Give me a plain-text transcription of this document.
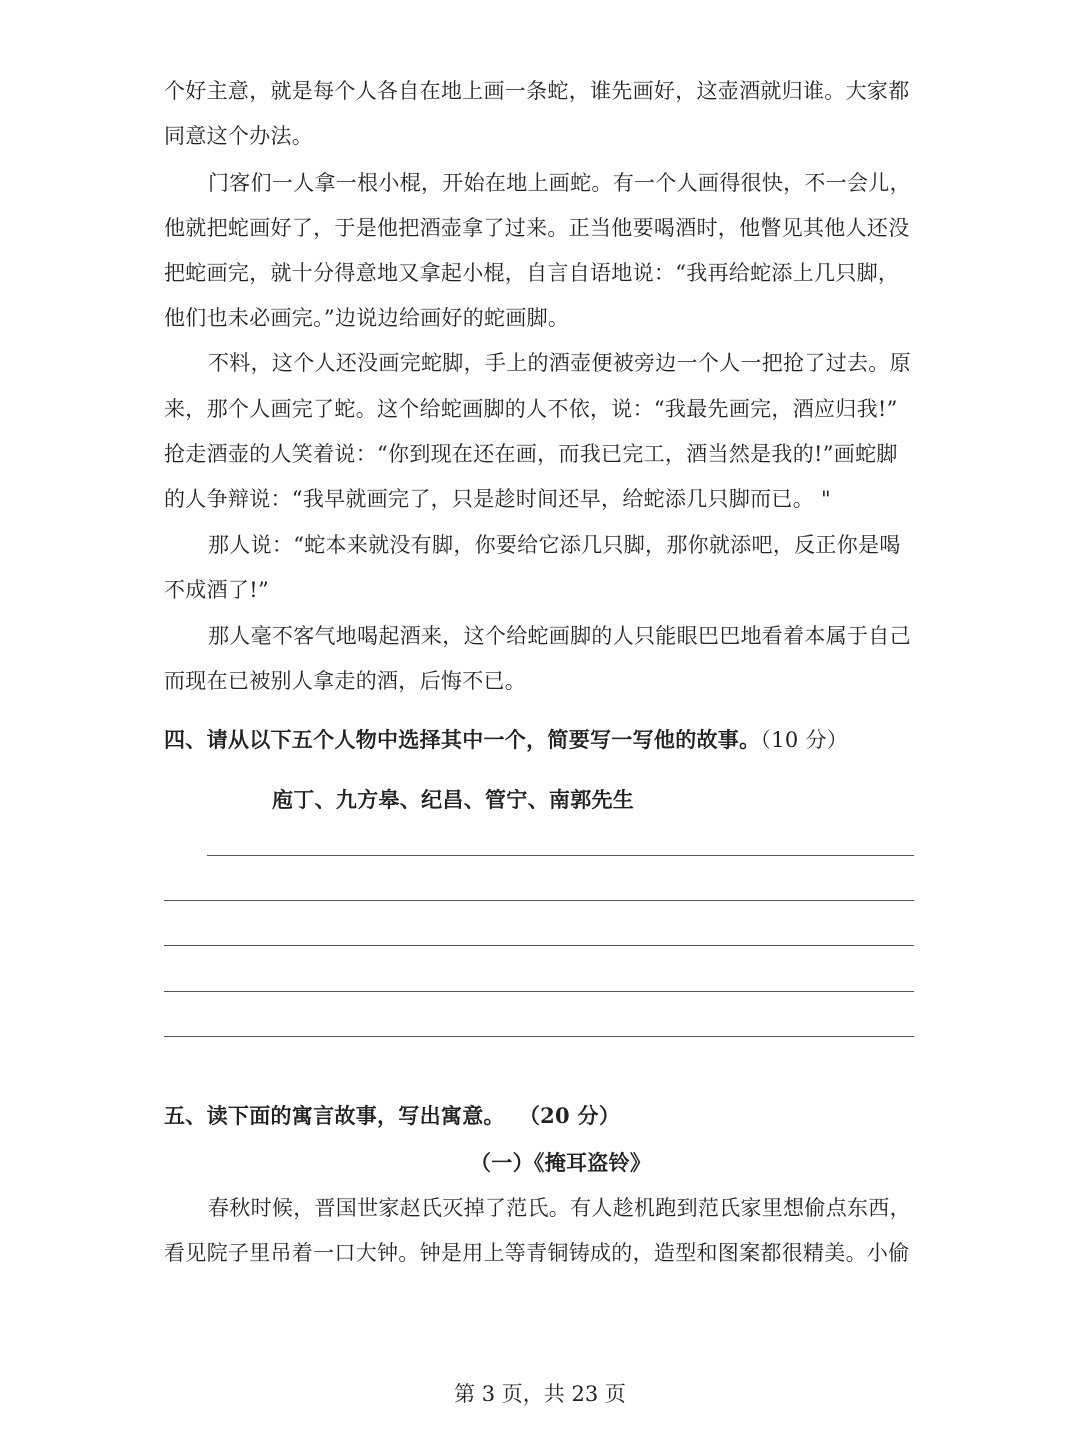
个好主意，就是每个人各自在地上画一条蛇，谁先画好，这壶酒就归谁。大家都
同意这个办法。
门客们一人拿一根小棍，开始在地上画蛇。有一个人画得很快，不一会儿，
他就把蛇画好了，于是他把酒壶拿了过来。正当他要喝酒时，他瞥见其他人还没
把蛇画完，就十分得意地又拿起小棍，自言自语地说：“我再给蛇添上几只脚，
他们也未必画完。”边说边给画好的蛇画脚。
不料，这个人还没画完蛇脚，手上的酒壶便被旁边一个人一把抢了过去。原
来，那个人画完了蛇。这个给蛇画脚的人不依，说：“我最先画完，酒应归我!”
抢走酒壶的人笑着说：“你到现在还在画，而我已完工，酒当然是我的!”画蛇脚
的人争辩说：“我早就画完了，只是趁时间还早，给蛇添几只脚而已。 "
那人说：“蛇本来就没有脚，你要给它添几只脚，那你就添吧，反正你是喝
不成酒了!”
那人毫不客气地喝起酒来，这个给蛇画脚的人只能眼巴巴地看着本属于自己
而现在已被别人拿走的酒，后悔不已。
四、请从以下五个人物中选择其中一个，简要写一写他的故事。（10 分）
庖丁、九方皋、纪昌、管宁、南郭先生
五、读下面的寓言故事，写出寓意。 （20 分）
（一）《掩耳盗铃》
春秋时候，晋国世家赵氏灭掉了范氏。有人趁机跑到范氏家里想偷点东西，
看见院子里吊着一口大钟。钟是用上等青铜铸成的，造型和图案都很精美。小偷
第 3 页，共 23 页
